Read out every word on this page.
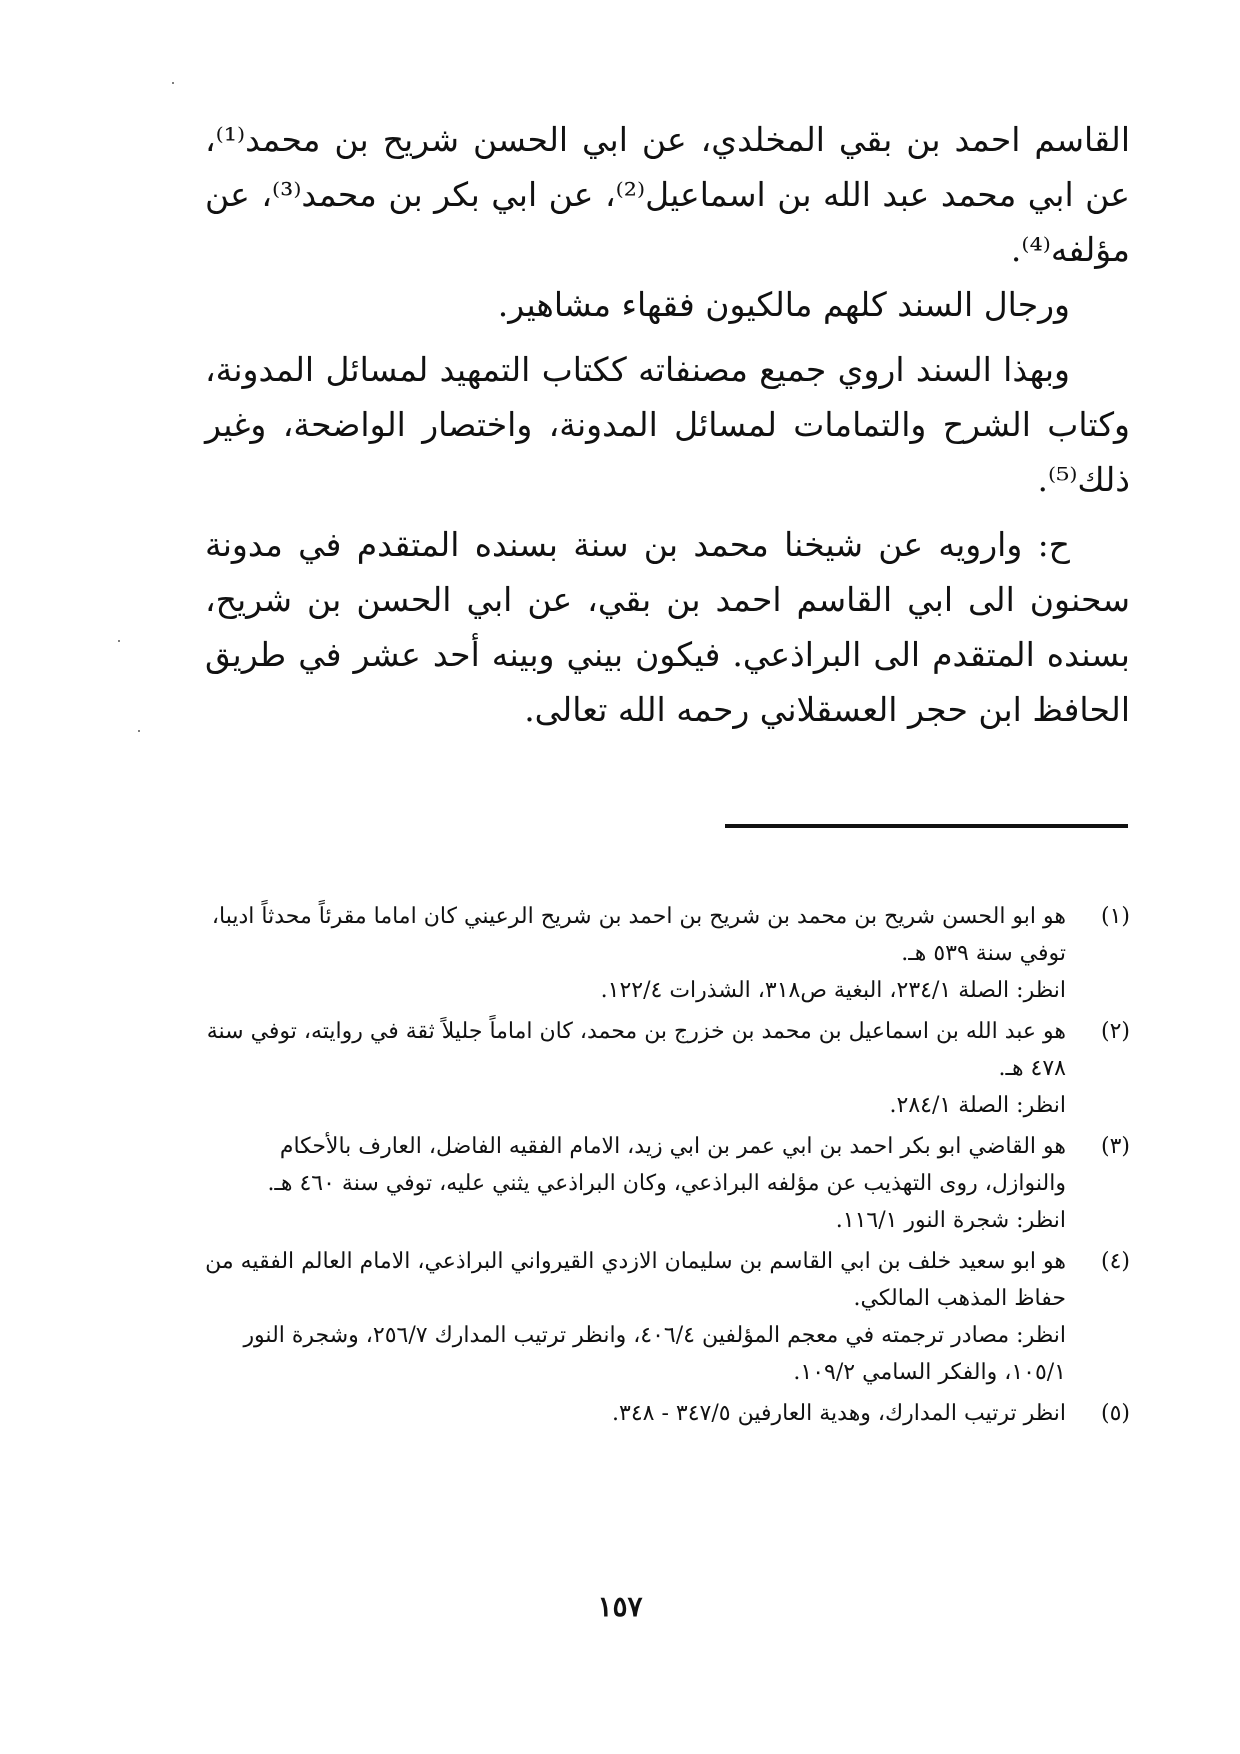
القاسم احمد بن بقي المخلدي، عن ابي الحسن شريح بن محمد⁽¹⁾، عن ابي محمد عبد الله بن اسماعيل⁽²⁾، عن ابي بكر بن محمد⁽³⁾، عن مؤلفه⁽⁴⁾.

ورجال السند كلهم مالكيون فقهاء مشاهير.

وبهذا السند اروي جميع مصنفاته ككتاب التمهيد لمسائل المدونة، وكتاب الشرح والتمامات لمسائل المدونة، واختصار الواضحة، وغير ذلك⁽⁵⁾.

ح: وارويه عن شيخنا محمد بن سنة بسنده المتقدم في مدونة سحنون الى ابي القاسم احمد بن بقي، عن ابي الحسن بن شريح، بسنده المتقدم الى البراذعي. فيكون بيني وبينه أحد عشر في طريق الحافظ ابن حجر العسقلاني رحمه الله تعالى.

(١)
هو ابو الحسن شريح بن محمد بن شريح بن احمد بن شريح الرعيني كان اماما مقرئاً محدثاً اديبا، توفي سنة ٥٣٩ هـ.
انظر: الصلة ٢٣٤/١، البغية ص٣١٨، الشذرات ١٢٢/٤.
(٢)
هو عبد الله بن اسماعيل بن محمد بن خزرج بن محمد، كان اماماً جليلاً ثقة في روايته، توفي سنة ٤٧٨ هـ.
انظر: الصلة ٢٨٤/١.
(٣)
هو القاضي ابو بكر احمد بن ابي عمر بن ابي زيد، الامام الفقيه الفاضل، العارف بالأحكام والنوازل، روى التهذيب عن مؤلفه البراذعي، وكان البراذعي يثني عليه، توفي سنة ٤٦٠ هـ.
انظر: شجرة النور ١١٦/١.
(٤)
هو ابو سعيد خلف بن ابي القاسم بن سليمان الازدي القيرواني البراذعي، الامام العالم الفقيه من حفاظ المذهب المالكي.
انظر: مصادر ترجمته في معجم المؤلفين ٤٠٦/٤، وانظر ترتيب المدارك ٢٥٦/٧، وشجرة النور ١٠٥/١، والفكر السامي ١٠٩/٢.
(٥)
انظر ترتيب المدارك، وهدية العارفين ٣٤٧/٥ - ٣٤٨.
١٥٧
